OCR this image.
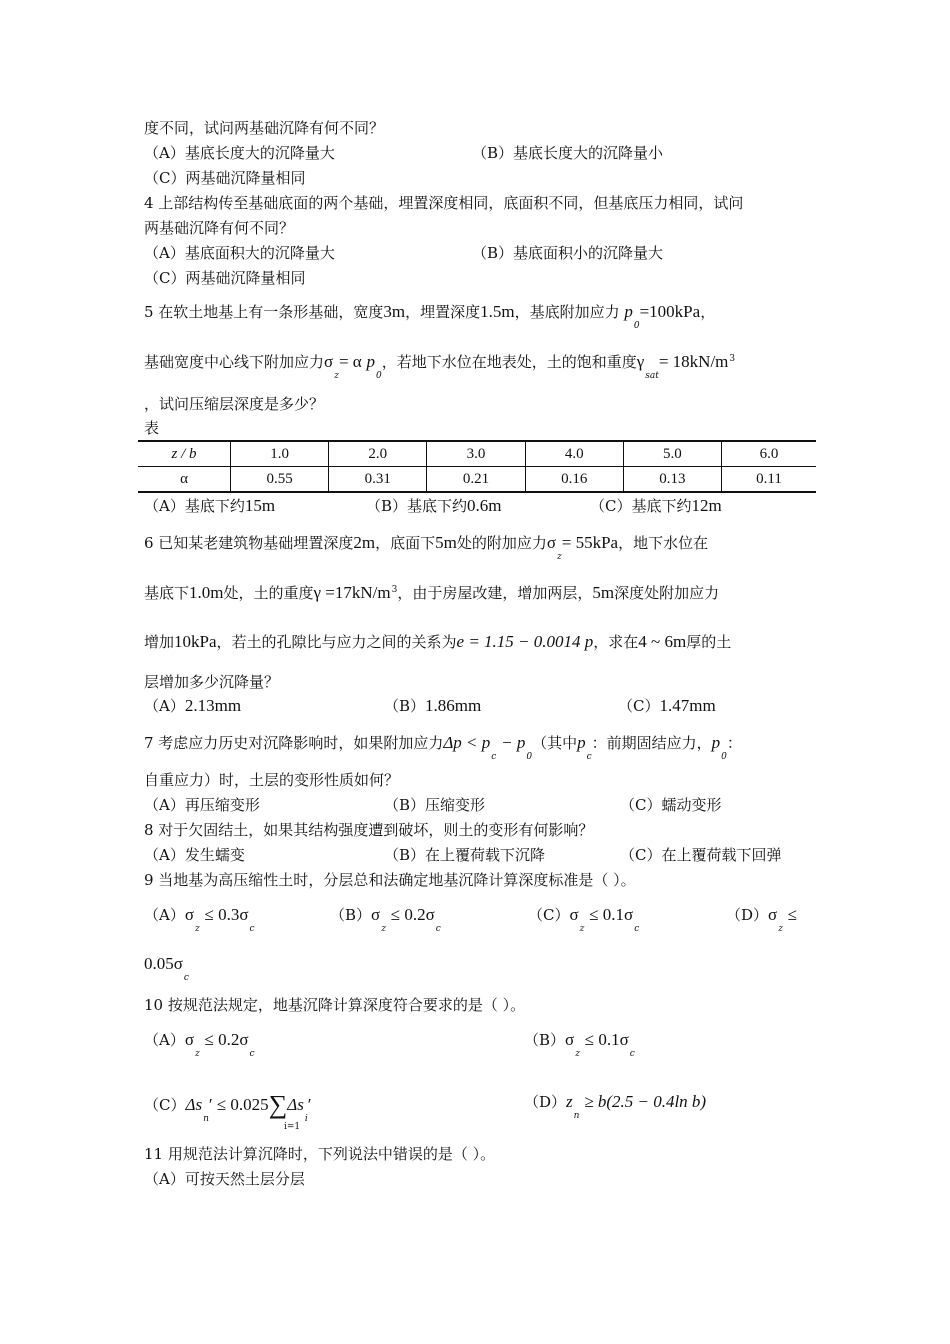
度不同，试问两基础沉降有何不同？
（A）基底长度大的沉降量大	（B）基底长度大的沉降量小
（C）两基础沉降量相同
4 上部结构传至基础底面的两个基础，埋置深度相同，底面积不同，但基底压力相同，试问
两基础沉降有何不同？
（A）基底面积大的沉降量大	（B）基底面积小的沉降量大
（C）两基础沉降量相同
5 在软土地基上有一条形基础，宽度3m，埋置深度1.5m，基底附加应力 $p_0=100kPa$，
基础宽度中心线下附加应力$\sigma_z= \alpha$ $p_0$，若地下水位在地表处，土的饱和重度$\gamma_{sat}= 18kN/m^3$
，试问压缩层深度是多少？
表
z / b	1.0	2.0	3.0	4.0	5.0	6.0
α	0.55	0.31	0.21	0.16	0.13	0.11
（A）基底下约15m	（B）基底下约0.6m	（C）基底下约12m
6 已知某老建筑物基础埋置深度2m，底面下5m处的附加应力$\sigma_z= 55kPa$，地下水位在
基底下1.0m处，土的重度$\gamma =17kN/m^3$，由于房屋改建，增加两层，5m深度处附加应力
增加10kPa，若土的孔隙比与应力之间的关系为e = 1.15 − 0.0014 p，求在4 ~ 6m厚的土
层增加多少沉降量？
（A）2.13mm	（B）1.86mm	（C）1.47mm
7 考虑应力历史对沉降影响时，如果附加应力$\Delta p < p_c - p_0$（其中$p_c$：前期固结应力，$p_0$：
自重应力）时，土层的变形性质如何？
（A）再压缩变形	（B）压缩变形	（C）蠕动变形
8 对于欠固结土，如果其结构强度遭到破坏，则土的变形有何影响？
（A）发生蠕变	（B）在上覆荷载下沉降	（C）在上覆荷载下回弹
9 当地基为高压缩性土时，分层总和法确定地基沉降计算深度标准是（ ）。
$(A)\sigma_z \le 0.3\sigma_c$
$(B)\sigma_z \le 0.2\sigma_c$
$(C)\sigma_z \le 0.1\sigma_c$
$(D)\sigma_z$ ≤
$0.05\sigma_c$
10 按规范法规定，地基沉降计算深度符合要求的是（ ）。
$(A)\sigma_z \le 0.2\sigma_c$
$(B)\sigma_z \le 0.1\sigma_c$
$(C)\Delta s_n' \le 0.025\sum\Delta s_i'$
i=1
$(D)z_n \ge b(2.5 - 0.4\ln$ b)
11 用规范法计算沉降时，下列说法中错误的是（ ）。
（A）可按天然土层分层
